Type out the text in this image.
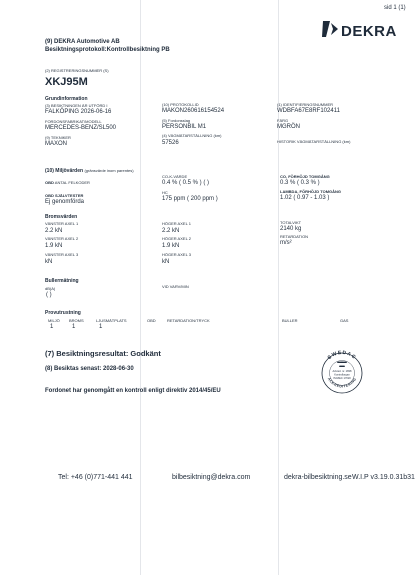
sid 1 (1)
DEKRA
(9) DEKRA Automotive AB
Besiktningsprotokoll:Kontrollbesiktning PB
(2) REGISTRERINGSNUMMER (S)
XKJ95M
Grundinformation
(3) BESIKTNINGEN ÄR UTFÖRD I
FALKÖPING 2026-06-16
FORDONSFABRIKAT/MODELL
MERCEDES-BENZ/SL500
(9) TEKNIKER
MAXON
(10) PROTOKOLLID
MAKON260616154524
(5) Fordonsslag
PERSONBIL M1
(4) VÄGMÄTARSTÄLLNING (km)
57526
(1) IDENTIFIERINGSNUMMER
WDBFA67E8RF102411
FÄRG
MGRÖN
HISTORIK VÄGMÄTARSTÄLLNING (km)
(10) Miljövärden (gränsvärde inom parentes)
OBD ANTAL FELKODER
OBD SJÄLVTESTER
Ej genomförda
CO-K-VÄRDE
0.4 % ( 0.5 % ) ( )
HC
175 ppm ( 200 ppm )
CO, FÖRHÖJD TOMGÅNG
0.3 % ( 0.3 % )
LAMBDA, FÖRHÖJD TOMGÅNG
1.02 ( 0.97 - 1.03 )
Bromsvärden
VÄNSTER AXEL 1
2.2 kN
VÄNSTER AXEL 2
1.9 kN
VÄNSTER AXEL 3
kN
HÖGER AXEL 1
2.2 kN
HÖGER AXEL 2
1.9 kN
HÖGER AXEL 3
kN
TOTALVIKT
2140 kg
RETARDATION
m/s²
Bullermätning
dB(A)
( )
VID VARV/MIN
Provutrustning
MILJÖ BROMS	LJUSMÄTPLATS	OBD	RETARDATION/TRYCK	BULLER	GAS
1	1	1
(7) Besiktningsresultat: Godkänt
(8) Besiktas senast: 2028-06-30
Fordonet har genomgått en kontroll enligt direktiv 2014/45/EU
SWEDAC
ACKREDITERING
Ackred. nr. 1838
Kontrollorgan
ISO/IEC 17020
Tel: +46 (0)771-441 441	bilbesiktning@dekra.com	dekra-bilbesiktning.se W.I.P v3.19.0.31b31
